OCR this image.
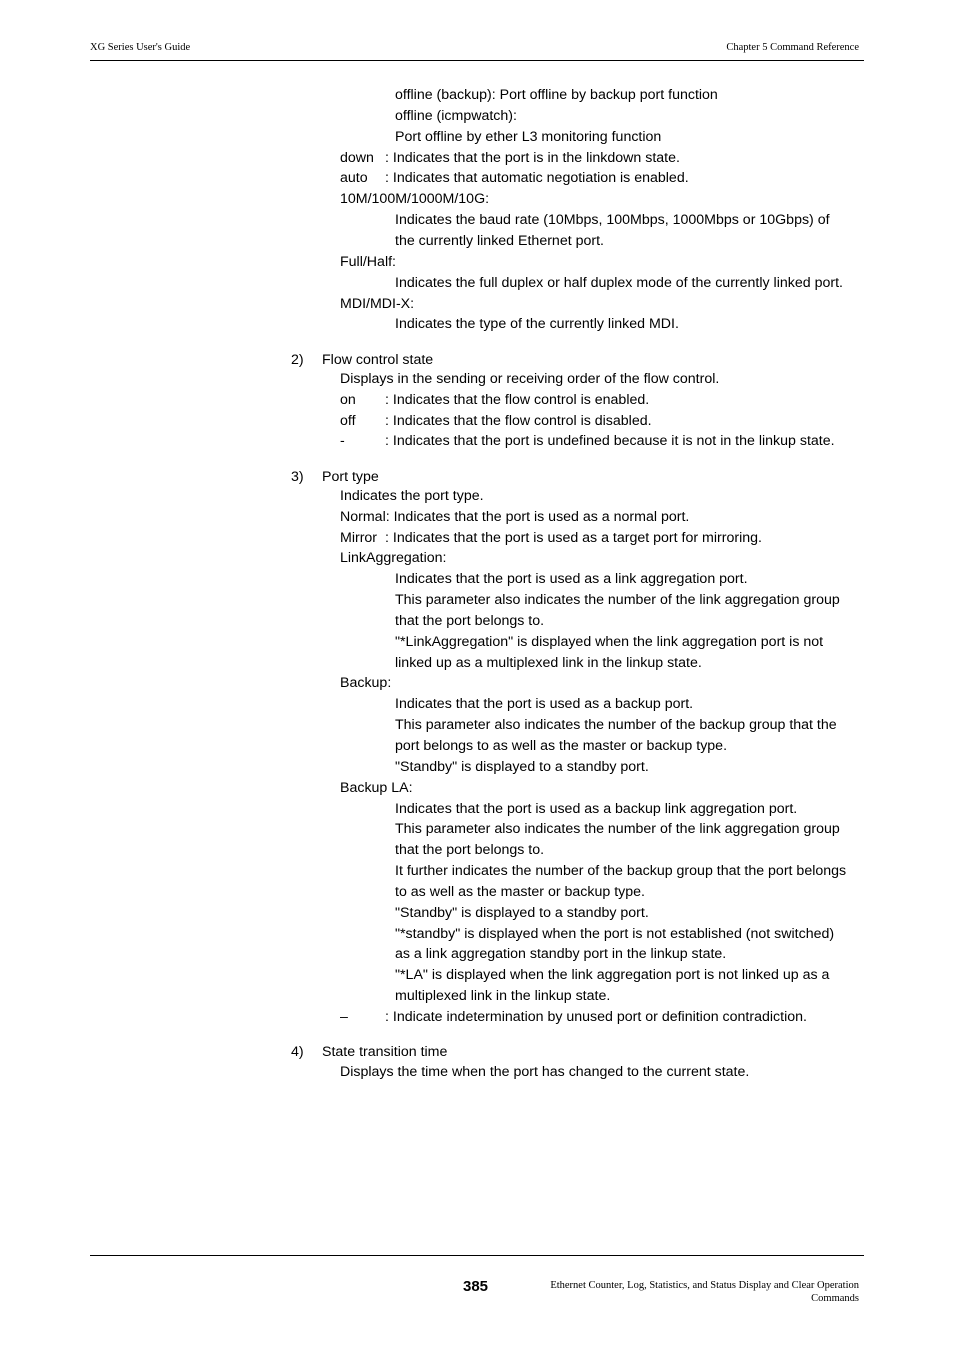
XG Series User's Guide	Chapter 5 Command Reference
offline (backup): Port offline by backup port function
offline (icmpwatch):
Port offline by ether L3 monitoring function
down : Indicates that the port is in the linkdown state.
auto : Indicates that automatic negotiation is enabled.
10M/100M/1000M/10G:
Indicates the baud rate (10Mbps, 100Mbps, 1000Mbps or 10Gbps) of
the currently linked Ethernet port.
Full/Half:
Indicates the full duplex or half duplex mode of the currently linked port.
MDI/MDI-X:
Indicates the type of the currently linked MDI.
2) Flow control state
Displays in the sending or receiving order of the flow control.
on : Indicates that the flow control is enabled.
off : Indicates that the flow control is disabled.
-	: Indicates that the port is undefined because it is not in the linkup state.
3) Port type
Indicates the port type.
Normal: Indicates that the port is used as a normal port.
Mirror : Indicates that the port is used as a target port for mirroring.
LinkAggregation:
Indicates that the port is used as a link aggregation port.
This parameter also indicates the number of the link aggregation group
that the port belongs to.
"*LinkAggregation" is displayed when the link aggregation port is not
linked up as a multiplexed link in the linkup state.
Backup:
Indicates that the port is used as a backup port.
This parameter also indicates the number of the backup group that the
port belongs to as well as the master or backup type.
"Standby" is displayed to a standby port.
Backup LA:
Indicates that the port is used as a backup link aggregation port.
This parameter also indicates the number of the link aggregation group
that the port belongs to.
It further indicates the number of the backup group that the port belongs
to as well as the master or backup type.
"Standby" is displayed to a standby port.
"*standby" is displayed when the port is not established (not switched)
as a link aggregation standby port in the linkup state.
"*LA" is displayed when the link aggregation port is not linked up as a
multiplexed link in the linkup state.
–	: Indicate indetermination by unused port or definition contradiction.
4) State transition time
Displays the time when the port has changed to the current state.
385	Ethernet Counter, Log, Statistics, and Status Display and Clear Operation
Commands
